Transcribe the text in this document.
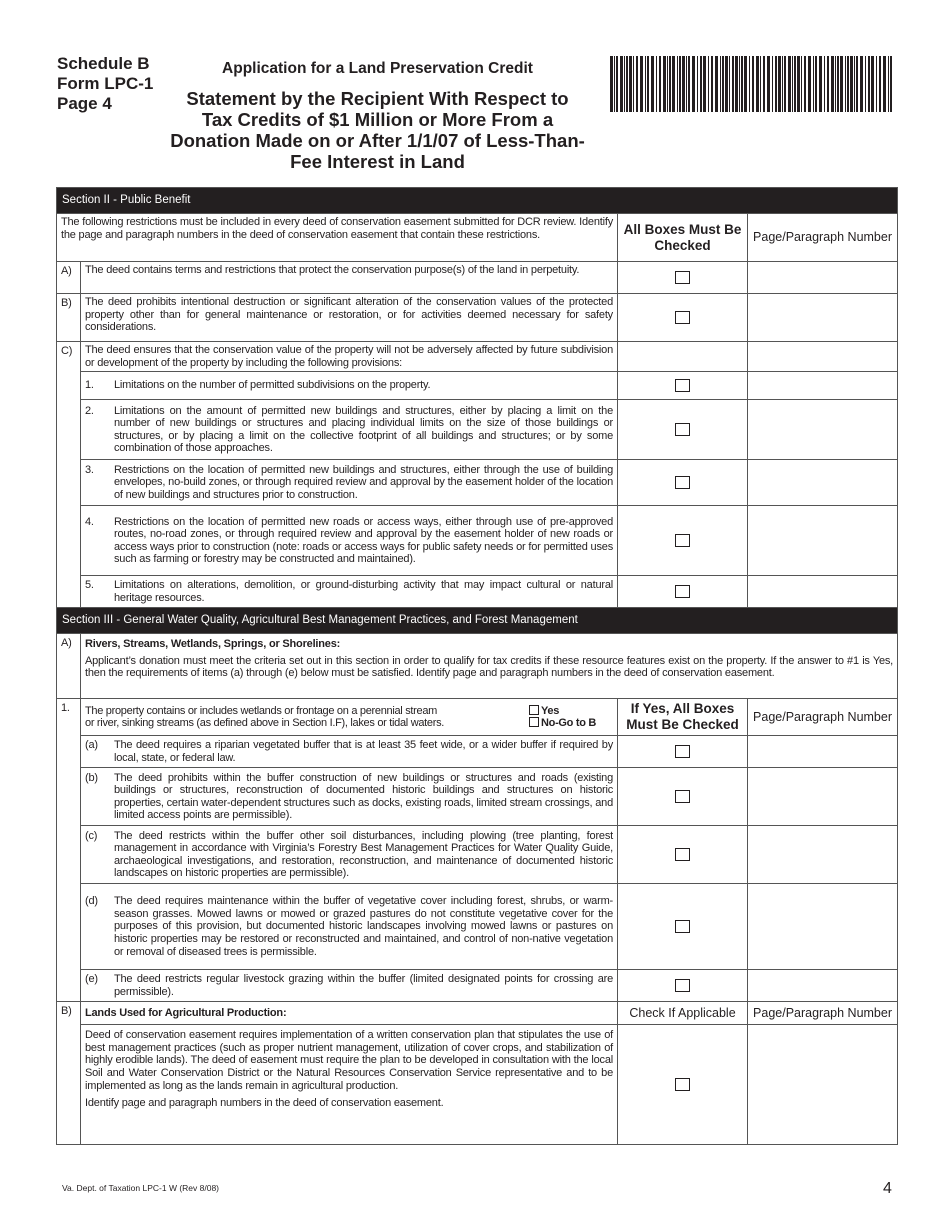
Schedule B
Form LPC-1
Page 4
Application for a Land Preservation Credit
Statement by the Recipient With Respect to Tax Credits of $1 Million or More From a Donation Made on or After 1/1/07 of Less-Than-Fee Interest in Land
Section II - Public Benefit			
The following restrictions must be included in every deed of conservation easement submitted for DCR review. Identify the page and paragraph numbers in the deed of conservation easement that contain these restrictions.		All Boxes Must Be Checked	Page/Paragraph Number
A)	The deed contains terms and restrictions that protect the conservation purpose(s) of the land in perpetuity.		
B)	The deed prohibits intentional destruction or significant alteration of the conservation values of the protected property other than for general maintenance or restoration, or for activities deemed necessary for safety considerations.		
C)	The deed ensures that the conservation value of the property will not be adversely affected by future subdivision or development of the property by including the following provisions:		

	1. Limitations on the number of permitted subdivisions on the property.		

	2. Limitations on the amount of permitted new buildings and structures, either by placing a limit on the number of new buildings or structures and placing individual limits on the size of those buildings or structures, or by placing a limit on the collective footprint of all buildings and structures; or by some combination of those approaches.		

	3. Restrictions on the location of permitted new buildings and structures, either through the use of building envelopes, no-build zones, or through required review and approval by the easement holder of the location of new buildings and structures prior to construction.		

	4. Restrictions on the location of permitted new roads or access ways, either through use of pre-approved routes, no-road zones, or through required review and approval by the easement holder of new roads or access ways prior to construction (note: roads or access ways for public safety needs or for permitted uses such as farming or forestry may be constructed and maintained).		

	5. Limitations on alterations, demolition, or ground-disturbing activity that may impact cultural or natural heritage resources.		

Section III - General Water Quality, Agricultural Best Management Practices, and Forest Management			
A)	Rivers, Streams, Wetlands, Springs, or Shorelines:
Applicant’s donation must meet the criteria set out in this section in order to qualify for tax credits if these resource features exist on the property. If the answer to #1 is Yes, then the requirements of items (a) through (e) below must be satisfied. Identify page and paragraph numbers in the deed of conservation easement.		

1.	The property contains or includes wetlands or frontage on a perennial stream Yes
or river, sinking streams (as defined above in Section I.F), lakes or tidal waters. No-Go to B	If Yes, All Boxes Must Be Checked	Page/Paragraph Number

	(a) The deed requires a riparian vegetated buffer that is at least 35 feet wide, or a wider buffer if required by local, state, or federal law.		

	(b) The deed prohibits within the buffer construction of new buildings or structures and roads (existing buildings or structures, reconstruction of documented historic buildings and structures on historic properties, certain water-dependent structures such as docks, existing roads, limited stream crossings, and limited access points are permissible).		

	(c) The deed restricts within the buffer other soil disturbances, including plowing (tree planting, forest management in accordance with Virginia’s Forestry Best Management Practices for Water Quality Guide, archaeological investigations, and restoration, reconstruction, and maintenance of documented historic landscapes on historic properties are permissible).		

	(d) The deed requires maintenance within the buffer of vegetative cover including forest, shrubs, or warm-season grasses. Mowed lawns or mowed or grazed pastures do not constitute vegetative cover for the purposes of this provision, but documented historic landscapes involving mowed lawns or pastures on historic properties may be restored or reconstructed and maintained, and control of non-native vegetation or removal of diseased trees is permissible.		

	(e) The deed restricts regular livestock grazing within the buffer (limited designated points for crossing are permissible).		

B)	Lands Used for Agricultural Production:	Check If Applicable	Page/Paragraph Number

	Deed of conservation easement requires implementation of a written conservation plan that stipulates the use of best management practices (such as proper nutrient management, utilization of cover crops, and stabilization of highly erodible lands). The deed of easement must require the plan to be developed in consultation with the local Soil and Water Conservation District or the Natural Resources Conservation Service representative and to be implemented as long as the lands remain in agricultural production.
Identify page and paragraph numbers in the deed of conservation easement.		

Va. Dept. of Taxation LPC-1 W (Rev 8/08)	4
